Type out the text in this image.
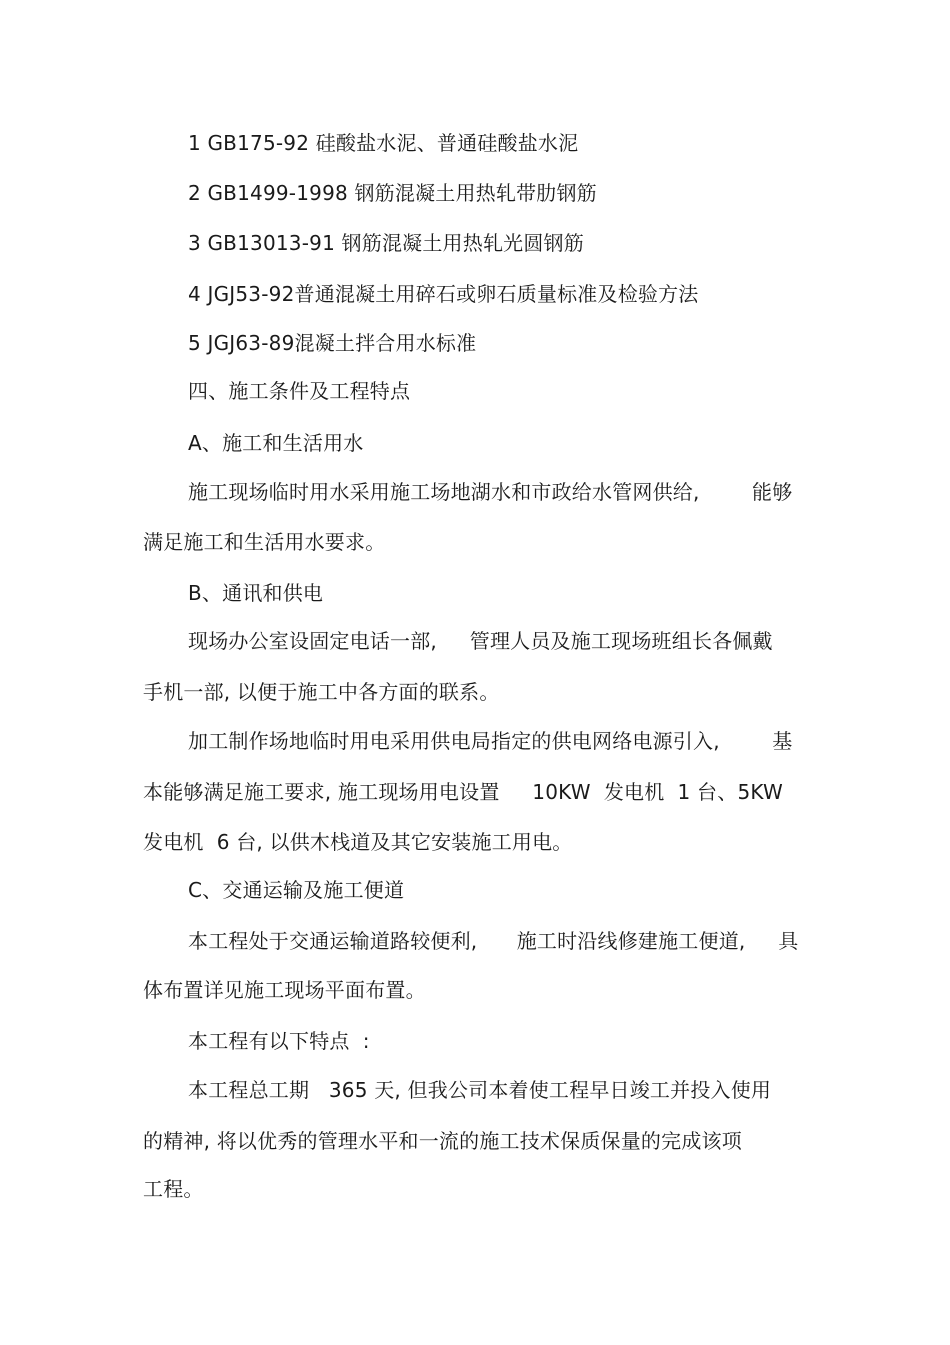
1 GB175-92 硅酸盐水泥、普通硅酸盐水泥
2 GB1499-1998 钢筋混凝土用热轧带肋钢筋
3 GB13013-91 钢筋混凝土用热轧光圆钢筋
4 JGJ53-92普通混凝土用碎石或卵石质量标准及检验方法
5 JGJ63-89混凝土拌合用水标准
四、施工条件及工程特点
A、施工和生活用水
施工现场临时用水采用施工场地湖水和市政给水管网供给,        能够
满足施工和生活用水要求。
B、通讯和供电
现场办公室设固定电话一部,     管理人员及施工现场班组长各佩戴
手机一部, 以便于施工中各方面的联系。
加工制作场地临时用电采用供电局指定的供电网络电源引入,        基
本能够满足施工要求, 施工现场用电设置     10KW  发电机  1 台、5KW
发电机  6 台, 以供木栈道及其它安装施工用电。
C、交通运输及施工便道
本工程处于交通运输道路较便利,      施工时沿线修建施工便道,     具
体布置详见施工现场平面布置。
本工程有以下特点  :
本工程总工期   365 天, 但我公司本着使工程早日竣工并投入使用
的精神, 将以优秀的管理水平和一流的施工技术保质保量的完成该项
工程。
